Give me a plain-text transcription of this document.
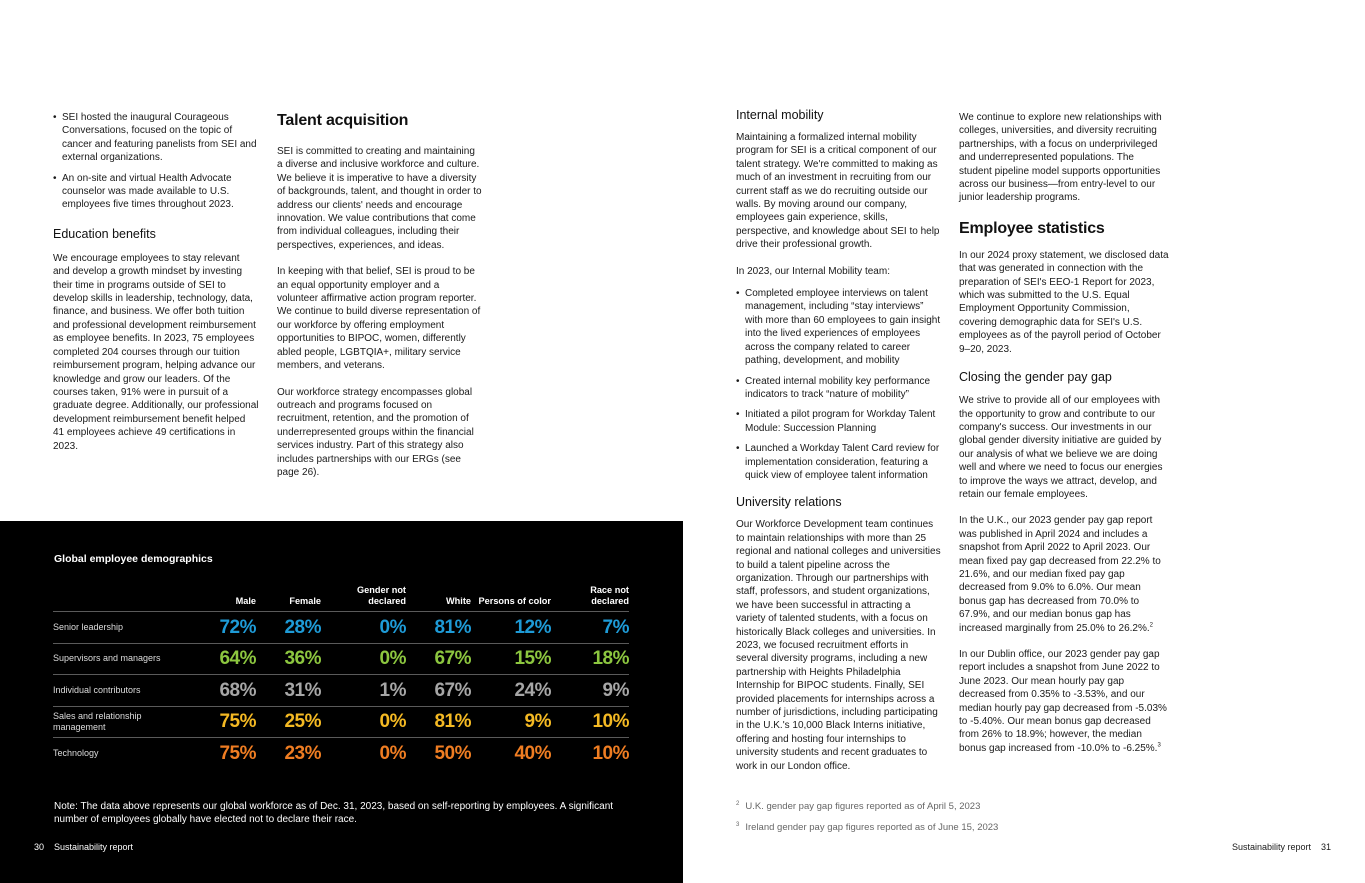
• SEI hosted the inaugural Courageous Conversations, focused on the topic of cancer and featuring panelists from SEI and external organizations.
• An on-site and virtual Health Advocate counselor was made available to U.S. employees five times throughout 2023.
Education benefits

We encourage employees to stay relevant and develop a growth mindset by investing their time in programs outside of SEI to develop skills in leadership, technology, data, finance, and business. We offer both tuition and professional development reimbursement as employee benefits. In 2023, 75 employees completed 204 courses through our tuition reimbursement program, helping advance our knowledge and grow our leaders. Of the courses taken, 91% were in pursuit of a graduate degree. Additionally, our professional development reimbursement benefit helped 41 employees achieve 49 certifications in 2023.

Talent acquisition

SEI is committed to creating and maintaining a diverse and inclusive workforce and culture. We believe it is imperative to have a diversity of backgrounds, talent, and thought in order to address our clients' needs and encourage innovation. We value contributions that come from individual colleagues, including their perspectives, experiences, and ideas.

In keeping with that belief, SEI is proud to be an equal opportunity employer and a volunteer affirmative action program reporter. We continue to build diverse representation of our workforce by offering employment opportunities to BIPOC, women, differently abled people, LGBTQIA+, military service members, and veterans.

Our workforce strategy encompasses global outreach and programs focused on recruitment, retention, and the promotion of underrepresented groups within the financial services industry. Part of this strategy also includes partnerships with our ERGs (see page 26).

Global employee demographics
	Male	Female	Gender not declared	White	Persons of color	Race not declared
Senior leadership	72%	28%	0%	81%	12%	7%
Supervisors and managers	64%	36%	0%	67%	15%	18%
Individual contributors	68%	31%	1%	67%	24%	9%
Sales and relationship management	75%	25%	0%	81%	9%	10%
Technology	75%	23%	0%	50%	40%	10%
Note: The data above represents our global workforce as of Dec. 31, 2023, based on self-reporting by employees. A significant number of employees globally have elected not to declare their race.
30 Sustainability report
Internal mobility

Maintaining a formalized internal mobility program for SEI is a critical component of our talent strategy. We're committed to making as much of an investment in recruiting from our current staff as we do recruiting outside our walls. By moving around our company, employees gain experience, skills, perspective, and knowledge about SEI to help drive their professional growth.

In 2023, our Internal Mobility team:

• Completed employee interviews on talent management, including “stay interviews” with more than 60 employees to gain insight into the lived experiences of employees across the company related to career pathing, development, and mobility
• Created internal mobility key performance indicators to track “nature of mobility”
• Initiated a pilot program for Workday Talent Module: Succession Planning
• Launched a Workday Talent Card review for implementation consideration, featuring a quick view of employee talent information
University relations

Our Workforce Development team continues to maintain relationships with more than 25 regional and national colleges and universities to build a talent pipeline across the organization. Through our partnerships with staff, professors, and student organizations, we have been successful in attracting a variety of talented students, with a focus on historically Black colleges and universities. In 2023, we focused recruitment efforts in several diversity programs, including a new partnership with Heights Philadelphia Internship for BIPOC students. Finally, SEI provided placements for internships across a number of jurisdictions, including participating in the U.K.'s 10,000 Black Interns initiative, offering and hosting four internships to university students and recent graduates to work in our London office.

We continue to explore new relationships with colleges, universities, and diversity recruiting partnerships, with a focus on underprivileged and underrepresented populations. The student pipeline model supports opportunities across our business—from entry-level to our junior leadership programs.

Employee statistics

In our 2024 proxy statement, we disclosed data that was generated in connection with the preparation of SEI's EEO-1 Report for 2023, which was submitted to the U.S. Equal Employment Opportunity Commission, covering demographic data for SEI's U.S. employees as of the payroll period of October 9–20, 2023.

Closing the gender pay gap

We strive to provide all of our employees with the opportunity to grow and contribute to our company's success. Our investments in our global gender diversity initiative are guided by our analysis of what we believe we are doing well and where we need to focus our energies to improve the ways we attract, develop, and retain our female employees.

In the U.K., our 2023 gender pay gap report was published in April 2024 and includes a snapshot from April 2022 to April 2023. Our mean fixed pay gap decreased from 22.2% to 21.6%, and our median fixed pay gap decreased from 9.0% to 6.0%. Our mean bonus gap has decreased from 70.0% to 67.9%, and our median bonus gap has increased marginally from 25.0% to 26.2%.$^2$

In our Dublin office, our 2023 gender pay gap report includes a snapshot from June 2022 to June 2023. Our mean hourly pay gap decreased from 0.35% to -3.53%, and our median hourly pay gap decreased from -5.03% to -5.40%. Our mean bonus gap decreased from 26% to 18.9%; however, the median bonus gap increased from -10.0% to -6.25%.$^3$

$^2$ U.K. gender pay gap figures reported as of April 5, 2023
$^3$ Ireland gender pay gap figures reported as of June 15, 2023
Sustainability report 31
